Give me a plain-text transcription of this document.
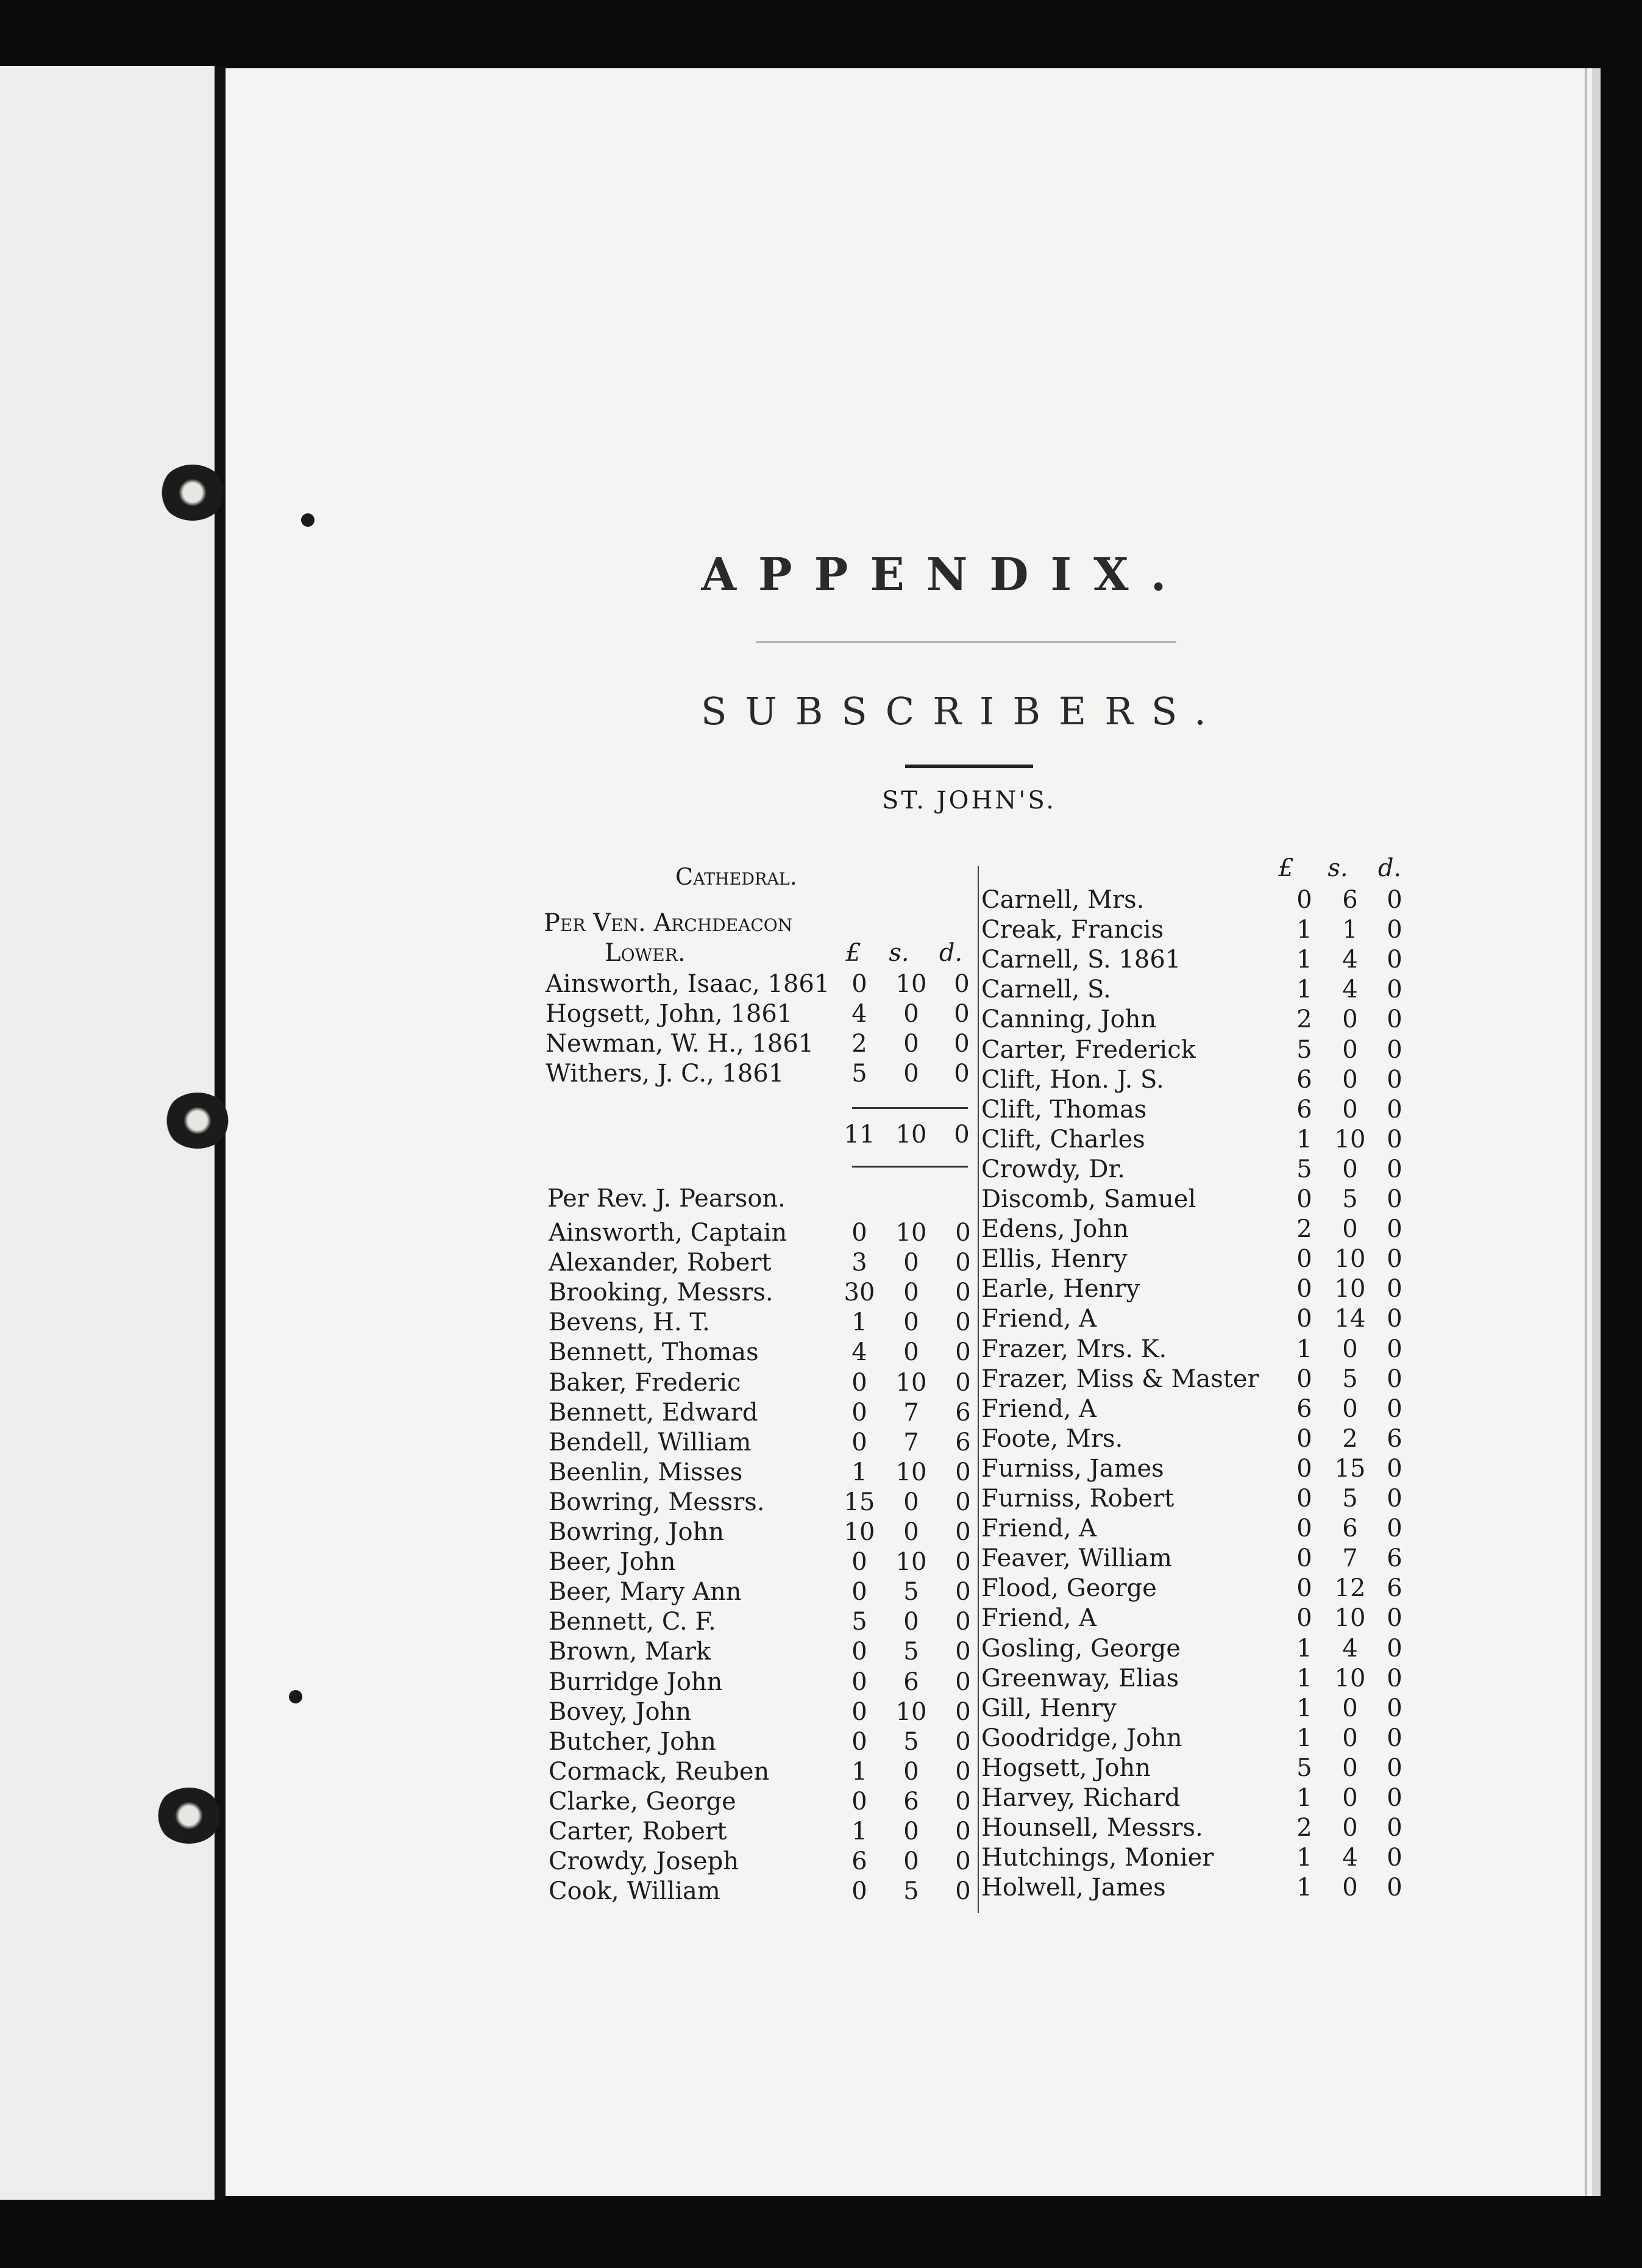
APPENDIX.
SUBSCRIBERS.
ST. JOHN'S.
Cathedral.
Per Ven. Archdeacon
Lower.	£	s.	d.
£	s.	d.
Ainsworth, Isaac, 1861 0	10	0
Hogsett, John, 1861	4	0	0
Newman, W. H., 1861	2	0	0
Withers, J. C., 1861	5	0	0
11 10	0
Per Rev. J. Pearson.
Ainsworth, Captain	0	10	0
Alexander, Robert	3	0	0
Brooking, Messrs.	30	0	0
Bevens, H. T.	1	0	0
Bennett, Thomas	4	0	0
Baker, Frederic	0	10	0
Bennett, Edward	0	7	6
Bendell, William	0	7	6
Beenlin, Misses	1	10	0
Bowring, Messrs.	15	0	0
Bowring, John	10	0	0
Beer, John	0	10	0
Beer, Mary Ann	0	5	0
Bennett, C. F.	5	0	0
Brown, Mark	0	5	0
Burridge John	0	6	0
Bovey, John	0	10	0
Butcher, John	0	5	0
Cormack, Reuben	1	0	0
Clarke, George	0	6	0
Carter, Robert	1	0	0
Crowdy, Joseph	6	0	0
Cook, William	0	5	0
Carnell, Mrs.	0	6	0
Creak, Francis	1	1	0
Carnell, S. 1861	1	4	0
Carnell, S.	1	4	0
Canning, John	2	0	0
Carter, Frederick	5	0	0
Clift, Hon. J. S.	6	0	0
Clift, Thomas	6	0	0
Clift, Charles	1 10 0
Crowdy, Dr.	5	0	0
Discomb, Samuel	0	5	0
Edens, John	2	0	0
Ellis, Henry	0 10 0
Earle, Henry	0 10 0
Friend, A	0 14 0
Frazer, Mrs. K.	1	0	0
Frazer, Miss & Master	0	5	0
Friend, A	6	0	0
Foote, Mrs.	0	2	6
Furniss, James	0 15 0
Furniss, Robert	0	5	0
Friend, A	0	6	0
Feaver, William	0	7	6
Flood, George	0 12 6
Friend, A	0 10 0
Gosling, George	1	4	0
Greenway, Elias	1 10 0
Gill, Henry	1	0	0
Goodridge, John	1	0	0
Hogsett, John	5	0	0
Harvey, Richard	1	0	0
Hounsell, Messrs.	2	0	0
Hutchings, Monier	1	4	0
Holwell, James	1	0	0
